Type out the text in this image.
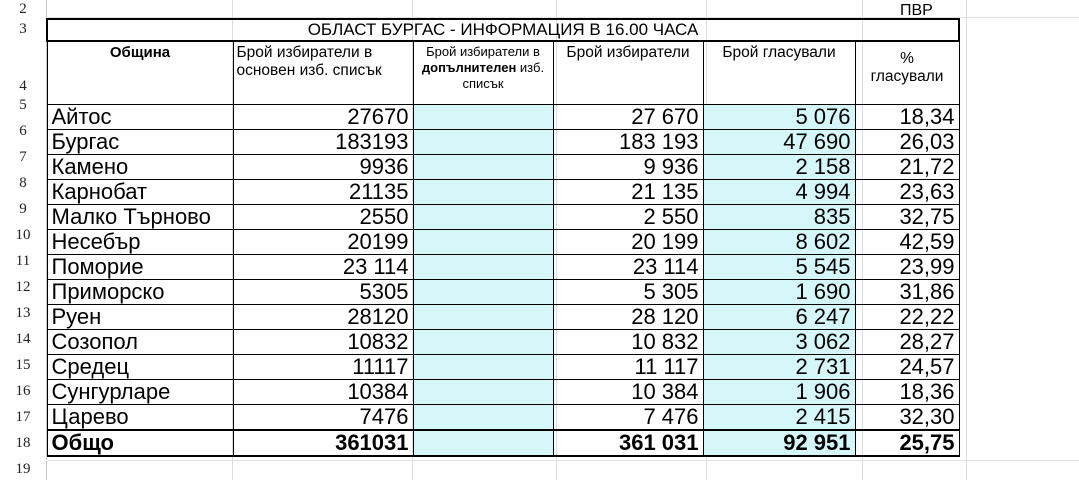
2
3
4
5
6
7
8
9
10
11
12
13
14
15
16
17
18
19
ПВР
ОБЛАСТ БУРГАС - ИНФОРМАЦИЯ В 16.00 ЧАСА					
Община	Брой избиратели в основен изб. списък	Брой избиратели в допълнителен изб. списък	Брой избиратели	Брой гласували	%
гласували
Айтос	27670		27 670	5 076	18,34
Бургас	183193		183 193	47 690	26,03
Камено	9936		9 936	2 158	21,72
Карнобат	21135		21 135	4 994	23,63
Малко Търново	2550		2 550	835	32,75
Несебър	20199		20 199	8 602	42,59
Поморие	23 114		23 114	5 545	23,99
Приморско	5305		5 305	1 690	31,86
Руен	28120		28 120	6 247	22,22
Созопол	10832		10 832	3 062	28,27
Средец	11117		11 117	2 731	24,57
Сунгурларе	10384		10 384	1 906	18,36
Царево	7476		7 476	2 415	32,30
Общо	361031		361 031	92 951	25,75
